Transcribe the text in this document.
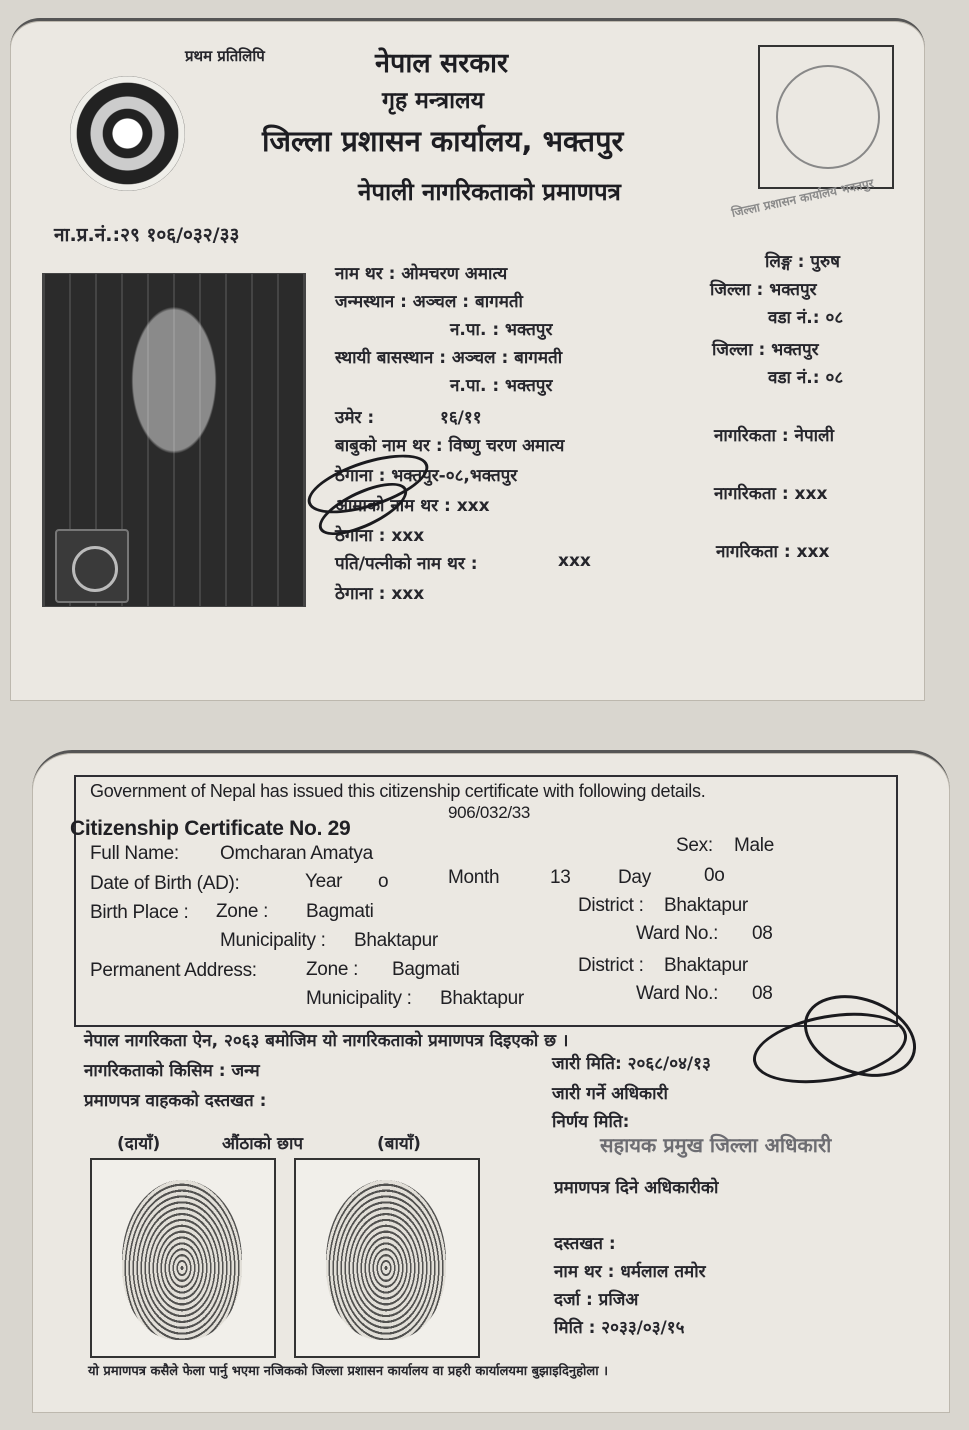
प्रथम प्रतिलिपि	नेपाल सरकार
गृह मन्त्रालय
जिल्ला प्रशासन कार्यालय, भक्तपुर
नेपाली नागरिकताको प्रमाणपत्र
ना.प्र.नं.:२९ १०६/०३२/३३
जिल्ला प्रशासन कार्यालय भक्तपुर
नाम थर : ओमचरण अमात्य
जन्मस्थान : अञ्चल : बागमती
न.पा. : भक्तपुर
स्थायी बासस्थान : अञ्चल : बागमती
न.पा. : भक्तपुर
उमेर :	१६/११
बाबुको नाम थर : विष्णु चरण अमात्य
ठेगाना : भक्तपुर-०८,भक्तपुर
आमाको नाम थर : xxx
ठेगाना : xxx
पति/पत्नीको नाम थर :	xxx
ठेगाना : xxx
लिङ्ग : पुरुष
जिल्ला : भक्तपुर
वडा नं.: ०८
जिल्ला : भक्तपुर
वडा नं.: ०८
नागरिकता : नेपाली
नागरिकता : xxx
नागरिकता : xxx
Government of Nepal has issued this citizenship certificate with following details.
Citizenship Certificate No. 29
906/032/33
Full Name: Omcharan Amatya	Sex: Male
Date of Birth (AD):	Year o	Month	13 Day	0o
Birth Place : Zone : Bagmati	District : Bhaktapur
Municipality : Bhaktapur	Ward No.: 08
Permanent Address:	Zone : Bagmati	District : Bhaktapur
Municipality : Bhaktapur	Ward No.: 08
नेपाल नागरिकता ऐन, २०६३ बमोजिम यो नागरिकताको प्रमाणपत्र दिइएको छ ।
नागरिकताको किसिम : जन्म
प्रमाणपत्र वाहकको दस्तखत :
जारी मिति: २०६८/०४/१३
जारी गर्ने अधिकारी
निर्णय मिति:
सहायक प्रमुख जिल्ला अधिकारी
(दायाँ)	औंठाको छाप	(बायाँ)
प्रमाणपत्र दिने अधिकारीको
दस्तखत :
नाम थर : धर्मलाल तमोर
दर्जा : प्रजिअ
मिति : २०३३/०३/१५
यो प्रमाणपत्र कसैले फेला पार्नु भएमा नजिकको जिल्ला प्रशासन कार्यालय वा प्रहरी कार्यालयमा बुझाइदिनुहोला ।
